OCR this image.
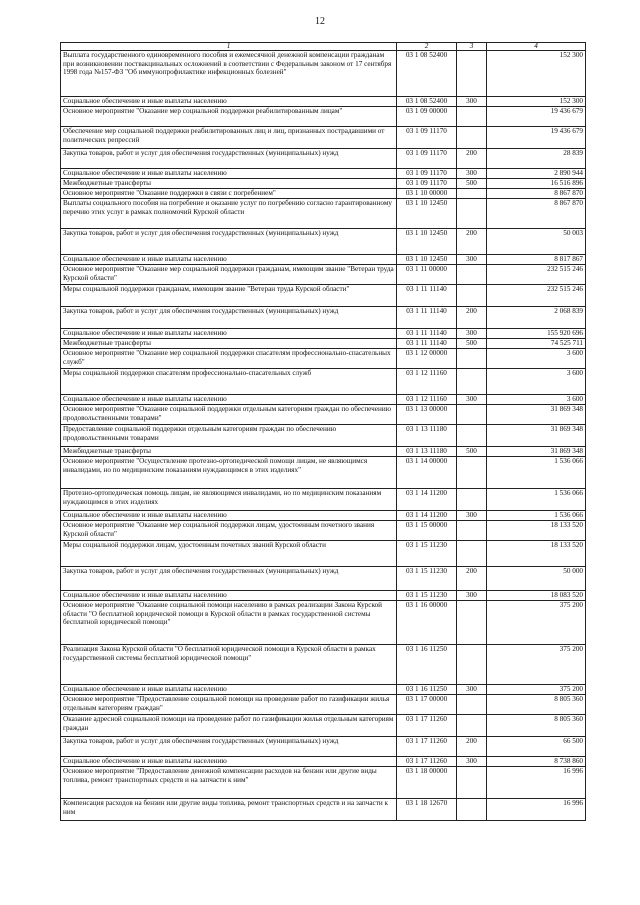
12
1	2	3	4
Выплата государственного единовременного пособия и ежемесячной денежной компенсации гражданам при возникновении поствакцинальных осложнений в соответствии с Федеральным законом от 17 сентября 1998 года №157-ФЗ "Об иммунопрофилактике инфекционных болезней"	03 1 08 52400		152 300
Социальное обеспечение и иные выплаты населению	03 1 08 52400	300	152 300
Основное мероприятие "Оказание мер социальной поддержки реабилитированным лицам"	03 1 09 00000		19 436 679
Обеспечение мер социальной поддержки реабилитированных лиц и лиц, признанных пострадавшими от политических репрессий	03 1 09 11170		19 436 679
Закупка товаров, работ и услуг для обеспечения государственных (муниципальных) нужд	03 1 09 11170	200	28 839
Социальное обеспечение и иные выплаты населению	03 1 09 11170	300	2 890 944
Межбюджетные трансферты	03 1 09 11170	500	16 516 896
Основное мероприятие "Оказание поддержки в связи с погребением"	03 1 10 00000		8 867 870
Выплаты социального пособия на погребение и оказание услуг по погребению согласно гарантированному перечню этих услуг в рамках полномочий Курской области	03 1 10 12450		8 867 870
Закупка товаров, работ и услуг для обеспечения государственных (муниципальных) нужд	03 1 10 12450	200	50 003
Социальное обеспечение и иные выплаты населению	03 1 10 12450	300	8 817 867
Основное мероприятие "Оказание мер социальной поддержки гражданам, имеющим звание "Ветеран труда Курской области"	03 1 11 00000		232 515 246
Меры социальной поддержки гражданам, имеющим звание "Ветеран труда Курской области"	03 1 11 11140		232 515 246
Закупка товаров, работ и услуг для обеспечения государственных (муниципальных) нужд	03 1 11 11140	200	2 068 839
Социальное обеспечение и иные выплаты населению	03 1 11 11140	300	155 920 696
Межбюджетные трансферты	03 1 11 11140	500	74 525 711
Основное мероприятие "Оказание мер социальной поддержки спасателям профессионально-спасательных служб"	03 1 12 00000		3 600
Меры социальной поддержки спасателям профессионально-спасательных служб	03 1 12 11160		3 600
Социальное обеспечение и иные выплаты населению	03 1 12 11160	300	3 600
Основное мероприятие "Оказание социальной поддержки отдельным категориям граждан по обеспечению продовольственными товарами"	03 1 13 00000		31 869 348
Предоставление социальной поддержки отдельным категориям граждан по обеспечению продовольственными товарами	03 1 13 11180		31 869 348
Межбюджетные трансферты	03 1 13 11180	500	31 869 348
Основное мероприятие "Осуществление протезно-ортопедической помощи лицам, не являющимся инвалидами, но по медицинским показаниям нуждающимся в этих изделиях"	03 1 14 00000		1 536 066
Протезно-ортопедическая помощь лицам, не являющимся инвалидами, но по медицинским показаниям нуждающимся в этих изделиях	03 1 14 11200		1 536 066
Социальное обеспечение и иные выплаты населению	03 1 14 11200	300	1 536 066
Основное мероприятие "Оказание мер социальной поддержки лицам, удостоенным почетного звания Курской области"	03 1 15 00000		18 133 520
Меры социальной поддержки лицам, удостоенным почетных званий Курской области	03 1 15 11230		18 133 520
Закупка товаров, работ и услуг для обеспечения государственных (муниципальных) нужд	03 1 15 11230	200	50 000
Социальное обеспечение и иные выплаты населению	03 1 15 11230	300	18 083 520
Основное мероприятие "Оказание социальной помощи населению в рамках реализации Закона Курской области "О бесплатной юридической помощи в Курской области в рамках государственной системы бесплатной юридической помощи"	03 1 16 00000		375 200
Реализация Закона Курской области "О бесплатной юридической помощи в Курской области в рамках государственной системы бесплатной юридической помощи"	03 1 16 11250		375 200
Социальное обеспечение и иные выплаты населению	03 1 16 11250	300	375 200
Основное мероприятие "Предоставление социальной помощи на проведение работ по газификации жилья отдельным категориям граждан"	03 1 17 00000		8 805 360
Оказание адресной социальной помощи на проведение работ по газификации жилья отдельным категориям граждан	03 1 17 11260		8 805 360
Закупка товаров, работ и услуг для обеспечения государственных (муниципальных) нужд	03 1 17 11260	200	66 500
Социальное обеспечение и иные выплаты населению	03 1 17 11260	300	8 738 860
Основное мероприятие "Предоставление денежной компенсации расходов на бензин или другие виды топлива, ремонт транспортных средств и на запчасти к ним"	03 1 18 00000		16 996
Компенсация расходов на бензин или другие виды топлива, ремонт транспортных средств и на запчасти к ним	03 1 18 12670		16 996
